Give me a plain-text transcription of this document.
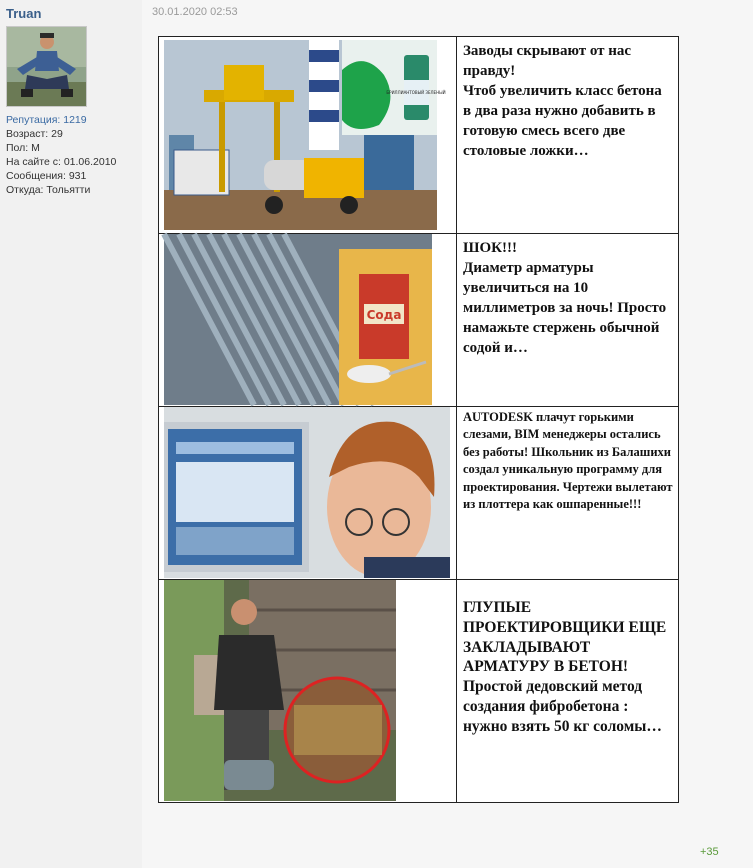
Truan
Репутация: 1219
Возраст: 29
Пол: М
На сайте с: 01.06.2010
Сообщения: 931
Откуда: Тольятти
30.01.2020 02:53
БРИЛЛИАНТОВЫЙ ЗЕЛЕНЫЙ
Заводы скрывают от нас правду!
Чтоб увеличить класс бетона в два раза нужно добавить в готовую смесь всего две столовые ложки…
Сода
ШОК!!!
Диаметр арматуры увеличиться на 10 миллиметров за ночь! Просто намажьте стержень обычной содой и…
AUTODESK плачут горькими слезами, BIM менеджеры остались без работы! Школьник из Балашихи создал уникальную программу для проектирования. Чертежи вылетают из плоттера как ошпаренные!!!
ГЛУПЫЕ ПРОЕКТИРОВЩИКИ ЕЩЕ ЗАКЛАДЫВАЮТ АРМАТУРУ В БЕТОН!
Простой дедовский метод создания фибробетона : нужно взять 50 кг соломы…
+35
